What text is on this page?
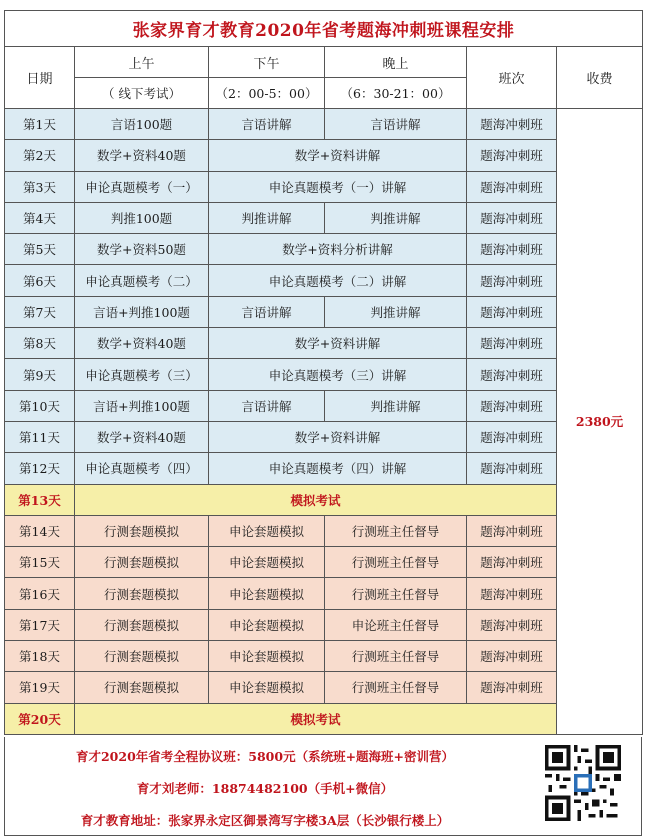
张家界育才教育2020年省考题海冲刺班课程安排					
日期	上午	下午	晚上	班次	收费
	（ 线下考试）	（2：00-5：00）	（6：30-21：00）		
第1天	言语100题	言语讲解	言语讲解	题海冲刺班	2380元
第2天	数学+资料40题	数学+资料讲解		题海冲刺班	
第3天	申论真题模考（一）	申论真题模考（一）讲解		题海冲刺班	
第4天	判推100题	判推讲解	判推讲解	题海冲刺班	
第5天	数学+资料50题	数学+资料分析讲解		题海冲刺班	
第6天	申论真题模考（二）	申论真题模考（二）讲解		题海冲刺班	
第7天	言语+判推100题	言语讲解	判推讲解	题海冲刺班	
第8天	数学+资料40题	数学+资料讲解		题海冲刺班	
第9天	申论真题模考（三）	申论真题模考（三）讲解		题海冲刺班	
第10天	言语+判推100题	言语讲解	判推讲解	题海冲刺班	
第11天	数学+资料40题	数学+资料讲解		题海冲刺班	
第12天	申论真题模考（四）	申论真题模考（四）讲解		题海冲刺班	
第13天	模拟考试				
第14天	行测套题模拟	申论套题模拟	行测班主任督导	题海冲刺班	
第15天	行测套题模拟	申论套题模拟	行测班主任督导	题海冲刺班	
第16天	行测套题模拟	申论套题模拟	行测班主任督导	题海冲刺班	
第17天	行测套题模拟	申论套题模拟	申论班主任督导	题海冲刺班	
第18天	行测套题模拟	申论套题模拟	行测班主任督导	题海冲刺班	
第19天	行测套题模拟	申论套题模拟	行测班主任督导	题海冲刺班	
第20天	模拟考试				
育才2020年省考全程协议班：5800元（系统班+题海班+密训营）
育才刘老师：18874482100（手机+微信）
育才教育地址：张家界永定区御景湾写字楼3A层（长沙银行楼上）
